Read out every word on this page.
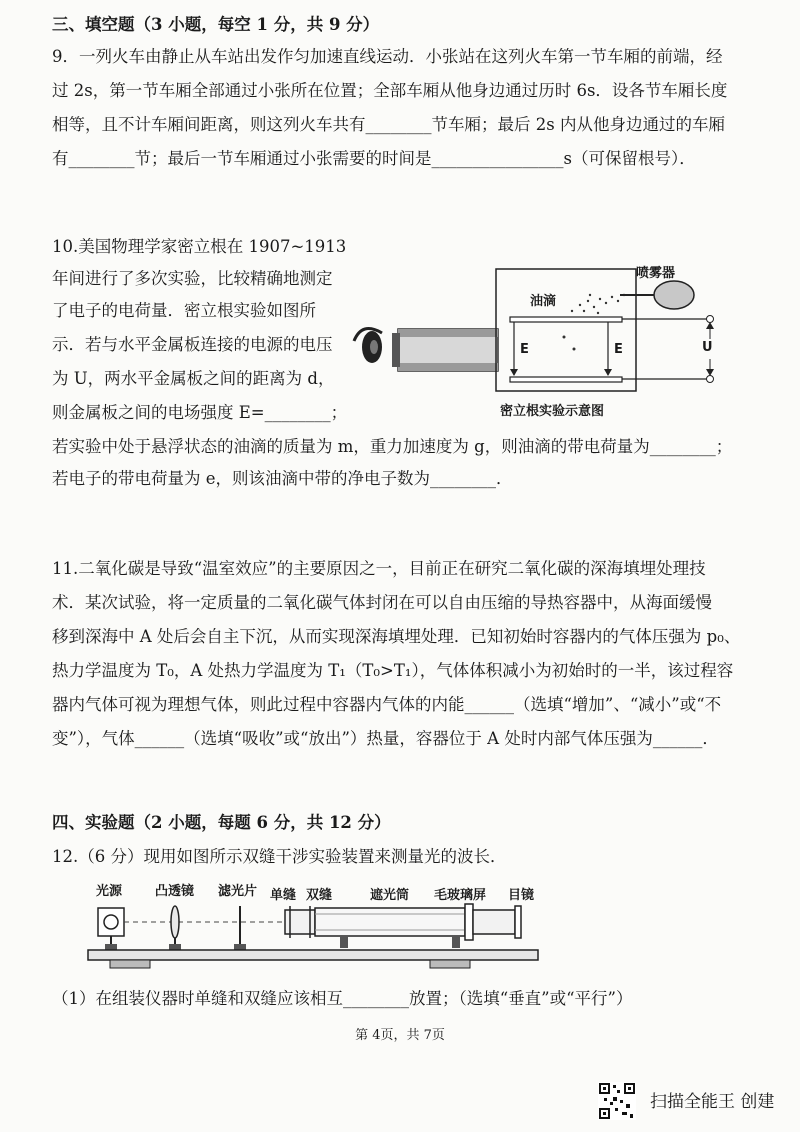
三、填空题（3 小题，每空 1 分，共 9 分）
9．一列火车由静止从车站出发作匀加速直线运动．小张站在这列火车第一节车厢的前端，经
过 2s，第一节车厢全部通过小张所在位置；全部车厢从他身边通过历时 6s．设各节车厢长度
相等，且不计车厢间距离，则这列火车共有________节车厢；最后 2s 内从他身边通过的车厢
有________节；最后一节车厢通过小张需要的时间是________________s（可保留根号）．
10.美国物理学家密立根在 1907~1913
年间进行了多次实验，比较精确地测定
了电子的电荷量．密立根实验如图所
示．若与水平金属板连接的电源的电压
为 U，两水平金属板之间的距离为 d，
则金属板之间的电场强度 E=________；
若实验中处于悬浮状态的油滴的质量为 m，重力加速度为 g，则油滴的带电荷量为________；
若电子的带电荷量为 e，则该油滴中带的净电子数为________．
喷雾器
油滴
E	E	U
密立根实验示意图
11.二氧化碳是导致“温室效应”的主要原因之一，目前正在研究二氧化碳的深海填埋处理技
术．某次试验，将一定质量的二氧化碳气体封闭在可以自由压缩的导热容器中，从海面缓慢
移到深海中 A 处后会自主下沉，从而实现深海填埋处理．已知初始时容器内的气体压强为 p₀、
热力学温度为 T₀，A 处热力学温度为 T₁（T₀>T₁），气体体积减小为初始时的一半，该过程容
器内气体可视为理想气体，则此过程中容器内气体的内能______（选填“增加”、“减小”或“不
变”），气体______（选填“吸收”或“放出”）热量，容器位于 A 处时内部气体压强为______．
四、实验题（2 小题，每题 6 分，共 12 分）
12.（6 分）现用如图所示双缝干涉实验装置来测量光的波长．
光源	凸透镜 滤光片 单缝 双缝	遮光筒 毛玻璃屏 目镜
（1）在组装仪器时单缝和双缝应该相互________放置；（选填“垂直”或“平行”）
第 4页，共 7页
扫描全能王 创建
